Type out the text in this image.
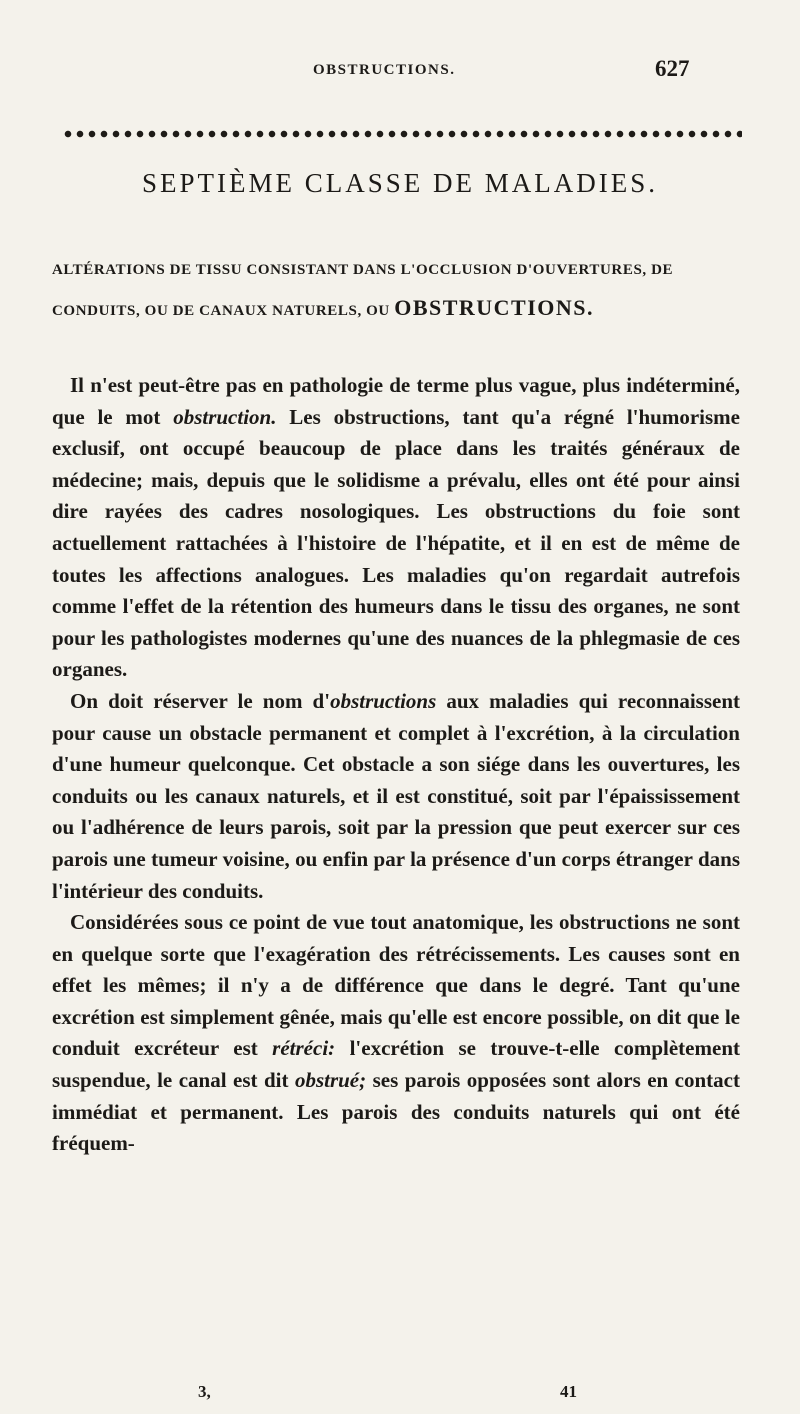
OBSTRUCTIONS.	627
SEPTIÈME CLASSE DE MALADIES.
ALTÉRATIONS DE TISSU CONSISTANT DANS L'OCCLUSION D'OUVERTURES, DE CONDUITS, OU DE CANAUX NATURELS, OU OBSTRUCTIONS.

Il n'est peut-être pas en pathologie de terme plus vague, plus indéterminé, que le mot obstruction. Les obstructions, tant qu'a régné l'humorisme exclusif, ont occupé beaucoup de place dans les traités généraux de médecine; mais, depuis que le solidisme a prévalu, elles ont été pour ainsi dire rayées des cadres nosologiques. Les obstructions du foie sont actuellement rattachées à l'histoire de l'hépatite, et il en est de même de toutes les affections analogues. Les maladies qu'on regardait autrefois comme l'effet de la rétention des humeurs dans le tissu des organes, ne sont pour les pathologistes modernes qu'une des nuances de la phlegmasie de ces organes.

On doit réserver le nom d'obstructions aux maladies qui reconnaissent pour cause un obstacle permanent et complet à l'excrétion, à la circulation d'une humeur quelconque. Cet obstacle a son siége dans les ouvertures, les conduits ou les canaux naturels, et il est constitué, soit par l'épaississement ou l'adhérence de leurs parois, soit par la pression que peut exercer sur ces parois une tumeur voisine, ou enfin par la présence d'un corps étranger dans l'intérieur des conduits.

Considérées sous ce point de vue tout anatomique, les obstructions ne sont en quelque sorte que l'exagération des rétrécissements. Les causes sont en effet les mêmes; il n'y a de différence que dans le degré. Tant qu'une excrétion est simplement gênée, mais qu'elle est encore possible, on dit que le conduit excréteur est rétréci: l'excrétion se trouve-t-elle complètement suspendue, le canal est dit obstrué; ses parois opposées sont alors en contact immédiat et permanent. Les parois des conduits naturels qui ont été fréquem-

3,	41
